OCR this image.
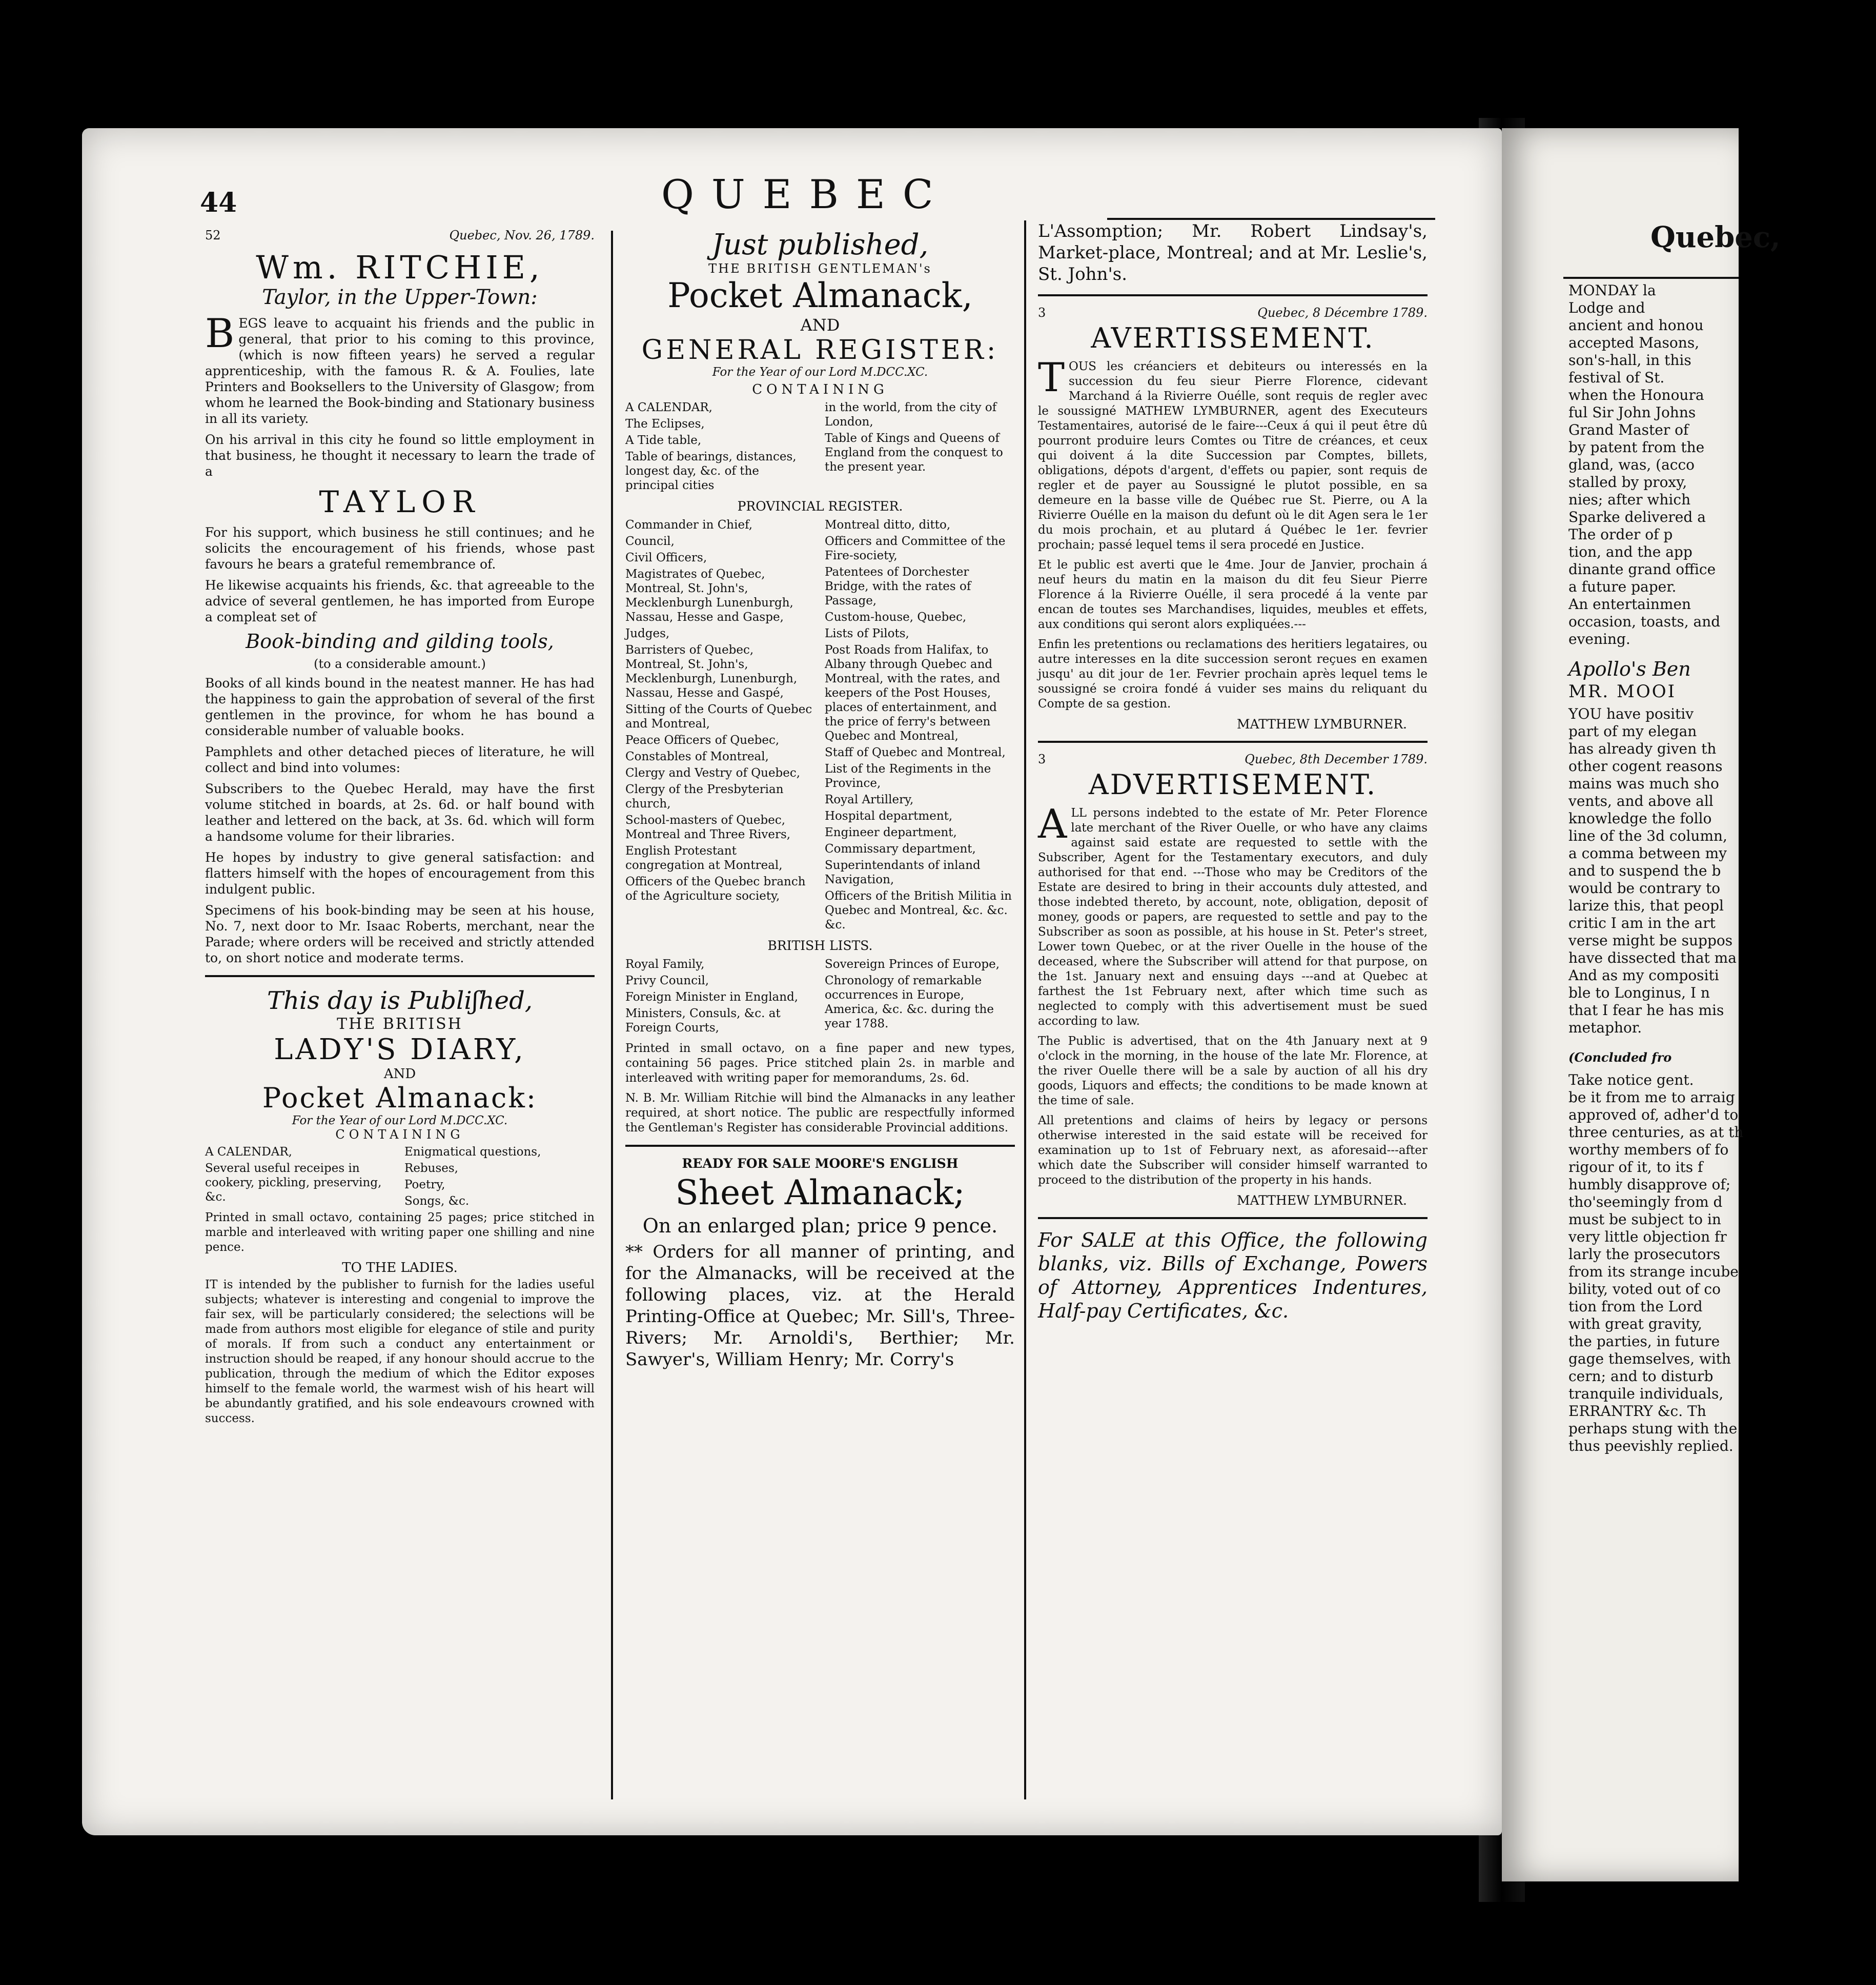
44	QUEBEC
52	Quebec, Nov. 26, 1789.
Wm. RITCHIE,
Taylor, in the Upper-Town:

BEGS leave to acquaint his friends and the public in general, that prior to his coming to this province, (which is now fifteen years) he served a regular apprenticeship, with the famous R. & A. Foulies, late Printers and Booksellers to the University of Glasgow; from whom he learned the Book-binding and Stationary business in all its variety.

On his arrival in this city he found so little employment in that business, he thought it necessary to learn the trade of a

TAYLOR

For his support, which business he still continues; and he solicits the encouragement of his friends, whose past favours he bears a grateful remembrance of.

He likewise acquaints his friends, &c. that agreeable to the advice of several gentlemen, he has imported from Europe a compleat set of

Book-binding and gilding tools,
(to a considerable amount.)

Books of all kinds bound in the neatest manner. He has had the happiness to gain the approbation of several of the first gentlemen in the province, for whom he has bound a considerable number of valuable books.

Pamphlets and other detached pieces of literature, he will collect and bind into volumes:

Subscribers to the Quebec Herald, may have the first volume stitched in boards, at 2s. 6d. or half bound with leather and lettered on the back, at 3s. 6d. which will form a handsome volume for their libraries.

He hopes by industry to give general satisfaction: and flatters himself with the hopes of encouragement from this indulgent public.

Specimens of his book-binding may be seen at his house, No. 7, next door to Mr. Isaac Roberts, merchant, near the Parade; where orders will be received and strictly attended to, on short notice and moderate terms.

This day is Publiʃhed,
THE BRITISH
LADY'S DIARY,
AND
Pocket Almanack:
For the Year of our Lord M.DCC.XC.
CONTAINING

A CALENDAR,

Several useful receipes in cookery, pickling, preserving, &c.

Enigmatical questions,

Rebuses,

Poetry,

Songs, &c.

Printed in small octavo, containing 25 pages; price stitched in marble and interleaved with writing paper one shilling and nine pence.

TO THE LADIES.

IT is intended by the publisher to furnish for the ladies useful subjects; whatever is interesting and congenial to improve the fair sex, will be particularly considered; the selections will be made from authors most eligible for elegance of stile and purity of morals. If from such a conduct any entertainment or instruction should be reaped, if any honour should accrue to the publication, through the medium of which the Editor exposes himself to the female world, the warmest wish of his heart will be abundantly gratified, and his sole endeavours crowned with success.

Just published,
THE BRITISH GENTLEMAN's
Pocket Almanack,
AND
GENERAL REGISTER:
For the Year of our Lord M.DCC.XC.
CONTAINING

A CALENDAR,

The Eclipses,

A Tide table,

Table of bearings, distances, longest day, &c. of the principal cities

in the world, from the city of London,

Table of Kings and Queens of England from the conquest to the present year.

PROVINCIAL REGISTER.

Commander in Chief,

Council,

Civil Officers,

Magistrates of Quebec, Montreal, St. John's, Mecklenburgh Lunenburgh, Nassau, Hesse and Gaspe,

Judges,

Barristers of Quebec, Montreal, St. John's, Mecklenburgh, Lunenburgh, Nassau, Hesse and Gaspé,

Sitting of the Courts of Quebec and Montreal,

Peace Officers of Quebec,

Constables of Montreal,

Clergy and Vestry of Quebec,

Clergy of the Presbyterian church,

School-masters of Quebec, Montreal and Three Rivers,

English Protestant congregation at Montreal,

Officers of the Quebec branch of the Agriculture society,

Montreal ditto, ditto,

Officers and Committee of the Fire-society,

Patentees of Dorchester Bridge, with the rates of Passage,

Custom-house, Quebec,

Lists of Pilots,

Post Roads from Halifax, to Albany through Quebec and Montreal, with the rates, and keepers of the Post Houses, places of entertainment, and the price of ferry's between Quebec and Montreal,

Staff of Quebec and Montreal,

List of the Regiments in the Province,

Royal Artillery,

Hospital department,

Engineer department,

Commissary department,

Superintendants of inland Navigation,

Officers of the British Militia in Quebec and Montreal, &c. &c. &c.

BRITISH LISTS.

Royal Family,

Privy Council,

Foreign Minister in England,

Ministers, Consuls, &c. at Foreign Courts,

Sovereign Princes of Europe,

Chronology of remarkable occurrences in Europe, America, &c. &c. during the year 1788.

Printed in small octavo, on a fine paper and new types, containing 56 pages. Price stitched plain 2s. in marble and interleaved with writing paper for memorandums, 2s. 6d.

N. B. Mr. William Ritchie will bind the Almanacks in any leather required, at short notice. The public are respectfully informed the Gentleman's Register has considerable Provincial additions.

READY FOR SALE MOORE'S ENGLISH
Sheet Almanack;
On an enlarged plan; price 9 pence.

** Orders for all manner of printing, and for the Almanacks, will be received at the following places, viz. at the Herald Printing-Office at Quebec; Mr. Sill's, Three-Rivers; Mr. Arnoldi's, Berthier; Mr. Sawyer's, William Henry; Mr. Corry's

L'Assomption; Mr. Robert Lindsay's, Market-place, Montreal; and at Mr. Leslie's, St. John's.

3	Quebec, 8 Décembre 1789.
AVERTISSEMENT.

TOUS les créanciers et debiteurs ou interessés en la succession du feu sieur Pierre Florence, cidevant Marchand á la Rivierre Ouélle, sont requis de regler avec le soussigné MATHEW LYMBURNER, agent des Executeurs Testamentaires, autorisé de le faire---Ceux á qui il peut être dû pourront produire leurs Comtes ou Titre de créances, et ceux qui doivent á la dite Succession par Comptes, billets, obligations, dépots d'argent, d'effets ou papier, sont requis de regler et de payer au Soussigné le plutot possible, en sa demeure en la basse ville de Québec rue St. Pierre, ou A la Rivierre Ouélle en la maison du defunt où le dit Agen sera le 1er du mois prochain, et au plutard á Québec le 1er. fevrier prochain; passé lequel tems il sera procedé en Justice.

Et le public est averti que le 4me. Jour de Janvier, prochain á neuf heurs du matin en la maison du dit feu Sieur Pierre Florence á la Rivierre Ouélle, il sera procedé á la vente par encan de toutes ses Marchandises, liquides, meubles et effets, aux conditions qui seront alors expliquées.---

Enfin les pretentions ou reclamations des heritiers legataires, ou autre interesses en la dite succession seront reçues en examen jusqu' au dit jour de 1er. Fevrier prochain après lequel tems le soussigné se croira fondé á vuider ses mains du reliquant du Compte de sa gestion.

MATTHEW LYMBURNER.
3	Quebec, 8th December 1789.
ADVERTISEMENT.

ALL persons indebted to the estate of Mr. Peter Florence late merchant of the River Ouelle, or who have any claims against said estate are requested to settle with the Subscriber, Agent for the Testamentary executors, and duly authorised for that end. ---Those who may be Creditors of the Estate are desired to bring in their accounts duly attested, and those indebted thereto, by account, note, obligation, deposit of money, goods or papers, are requested to settle and pay to the Subscriber as soon as possible, at his house in St. Peter's street, Lower town Quebec, or at the river Ouelle in the house of the deceased, where the Subscriber will attend for that purpose, on the 1st. January next and ensuing days ---and at Quebec at farthest the 1st February next, after which time such as neglected to comply with this advertisement must be sued according to law.

The Public is advertised, that on the 4th January next at 9 o'clock in the morning, in the house of the late Mr. Florence, at the river Ouelle there will be a sale by auction of all his dry goods, Liquors and effects; the conditions to be made known at the time of sale.

All pretentions and claims of heirs by legacy or persons otherwise interested in the said estate will be received for examination up to 1st of February next, as aforesaid---after which date the Subscriber will consider himself warranted to proceed to the distribution of the property in his hands.

MATTHEW LYMBURNER.

For SALE at this Office, the following blanks, viz. Bills of Exchange, Powers of Attorney, Apprentices Indentures, Half-pay Certificates, &c.

Quebec,
MONDAY la
Lodge and
ancient and honou
accepted Masons,
son's-hall, in this
festival of St.
when the Honoura
ful Sir John Johns
Grand Master of
by patent from the
gland, was, (acco
stalled by proxy,
nies; after which
Sparke delivered a
The order of p
tion, and the app
dinante grand office
a future paper.
An entertainmen
occasion, toasts, and
evening.
Apollo's Ben
MR. MOOI
YOU have positiv
part of my elegan
has already given th
other cogent reasons
mains was much sho
vents, and above all
knowledge the follo
line of the 3d column,
a comma between my
and to suspend the b
would be contrary to
larize this, that peopl
critic I am in the art
verse might be suppos
have dissected that ma
And as my compositi
ble to Longinus, I n
that I fear he has mis
metaphor.
(Concluded fro
Take notice gent.
be it from me to arraig
approved of, adher'd to
three centuries, as at th
worthy members of fo
rigour of it, to its f
humbly disapprove of;
tho'seemingly from d
must be subject to in
very little objection fr
larly the prosecutors
from its strange incube
bility, voted out of co
tion from the Lord
with great gravity,
the parties, in future
gage themselves, with
cern; and to disturb
tranquile individuals,
ERRANTRY &c. Th
perhaps stung with the
thus peevishly replied.
